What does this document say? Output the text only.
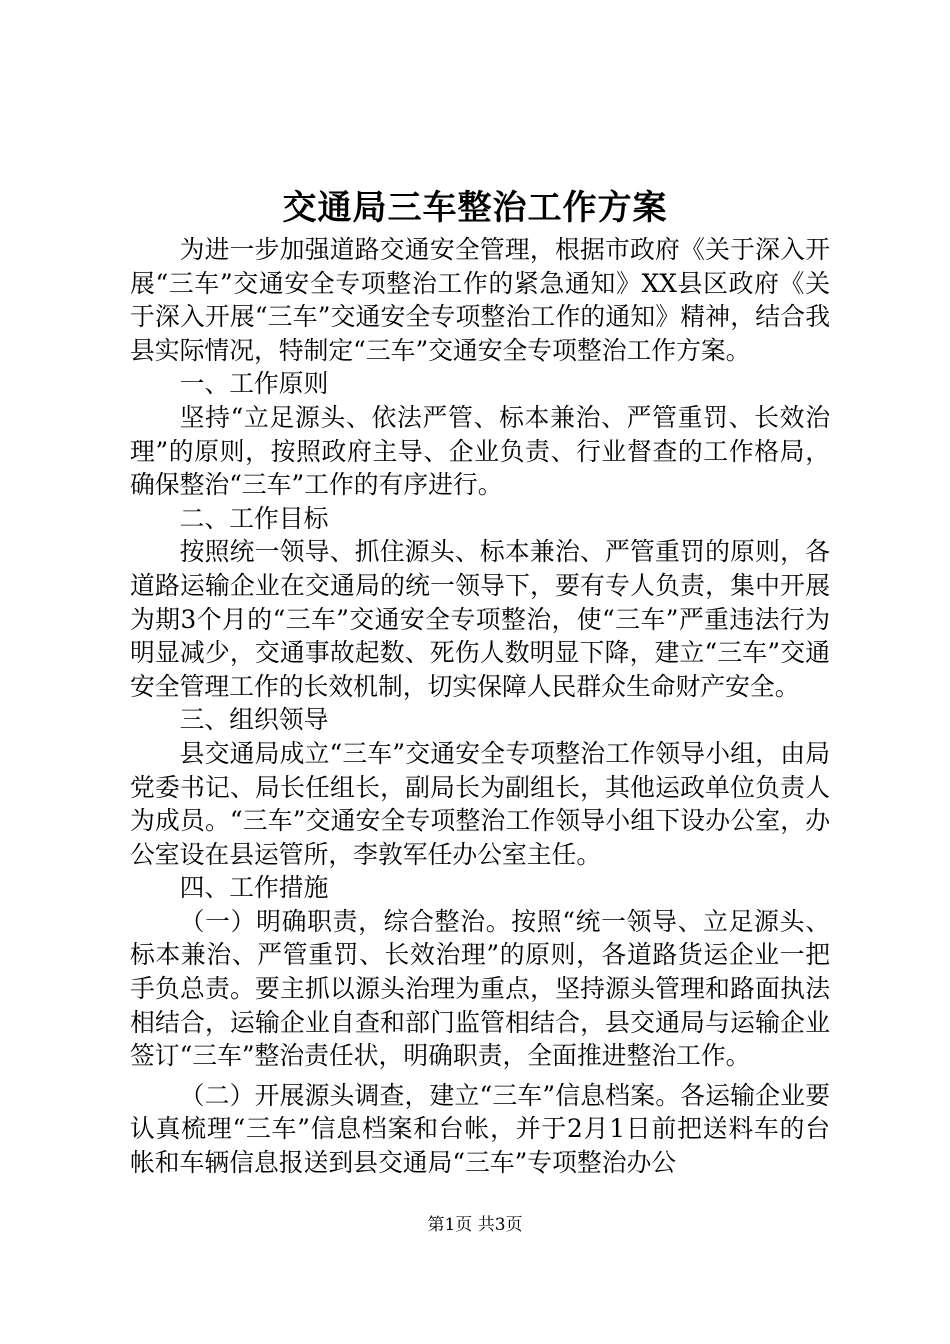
交通局三车整治工作方案

为进一步加强道路交通安全管理，根据市政府《关于深入开展“三车”交通安全专项整治工作的紧急通知》XX县区政府《关于深入开展“三车”交通安全专项整治工作的通知》精神，结合我县实际情况，特制定“三车”交通安全专项整治工作方案。

一、工作原则

坚持“立足源头、依法严管、标本兼治、严管重罚、长效治理”的原则，按照政府主导、企业负责、行业督查的工作格局，确保整治“三车”工作的有序进行。

二、工作目标

按照统一领导、抓住源头、标本兼治、严管重罚的原则，各道路运输企业在交通局的统一领导下，要有专人负责，集中开展为期3个月的“三车”交通安全专项整治，使“三车”严重违法行为明显减少，交通事故起数、死伤人数明显下降，建立“三车”交通安全管理工作的长效机制，切实保障人民群众生命财产安全。

三、组织领导

县交通局成立“三车”交通安全专项整治工作领导小组，由局党委书记、局长任组长，副局长为副组长，其他运政单位负责人为成员。“三车”交通安全专项整治工作领导小组下设办公室，办公室设在县运管所，李敦军任办公室主任。

四、工作措施

（一）明确职责，综合整治。按照“统一领导、立足源头、标本兼治、严管重罚、长效治理”的原则，各道路货运企业一把手负总责。要主抓以源头治理为重点，坚持源头管理和路面执法相结合，运输企业自查和部门监管相结合，县交通局与运输企业签订“三车”整治责任状，明确职责，全面推进整治工作。

（二）开展源头调查，建立“三车”信息档案。各运输企业要认真梳理“三车”信息档案和台帐，并于2月1日前把送料车的台帐和车辆信息报送到县交通局“三车”专项整治办公

第1页 共3页
